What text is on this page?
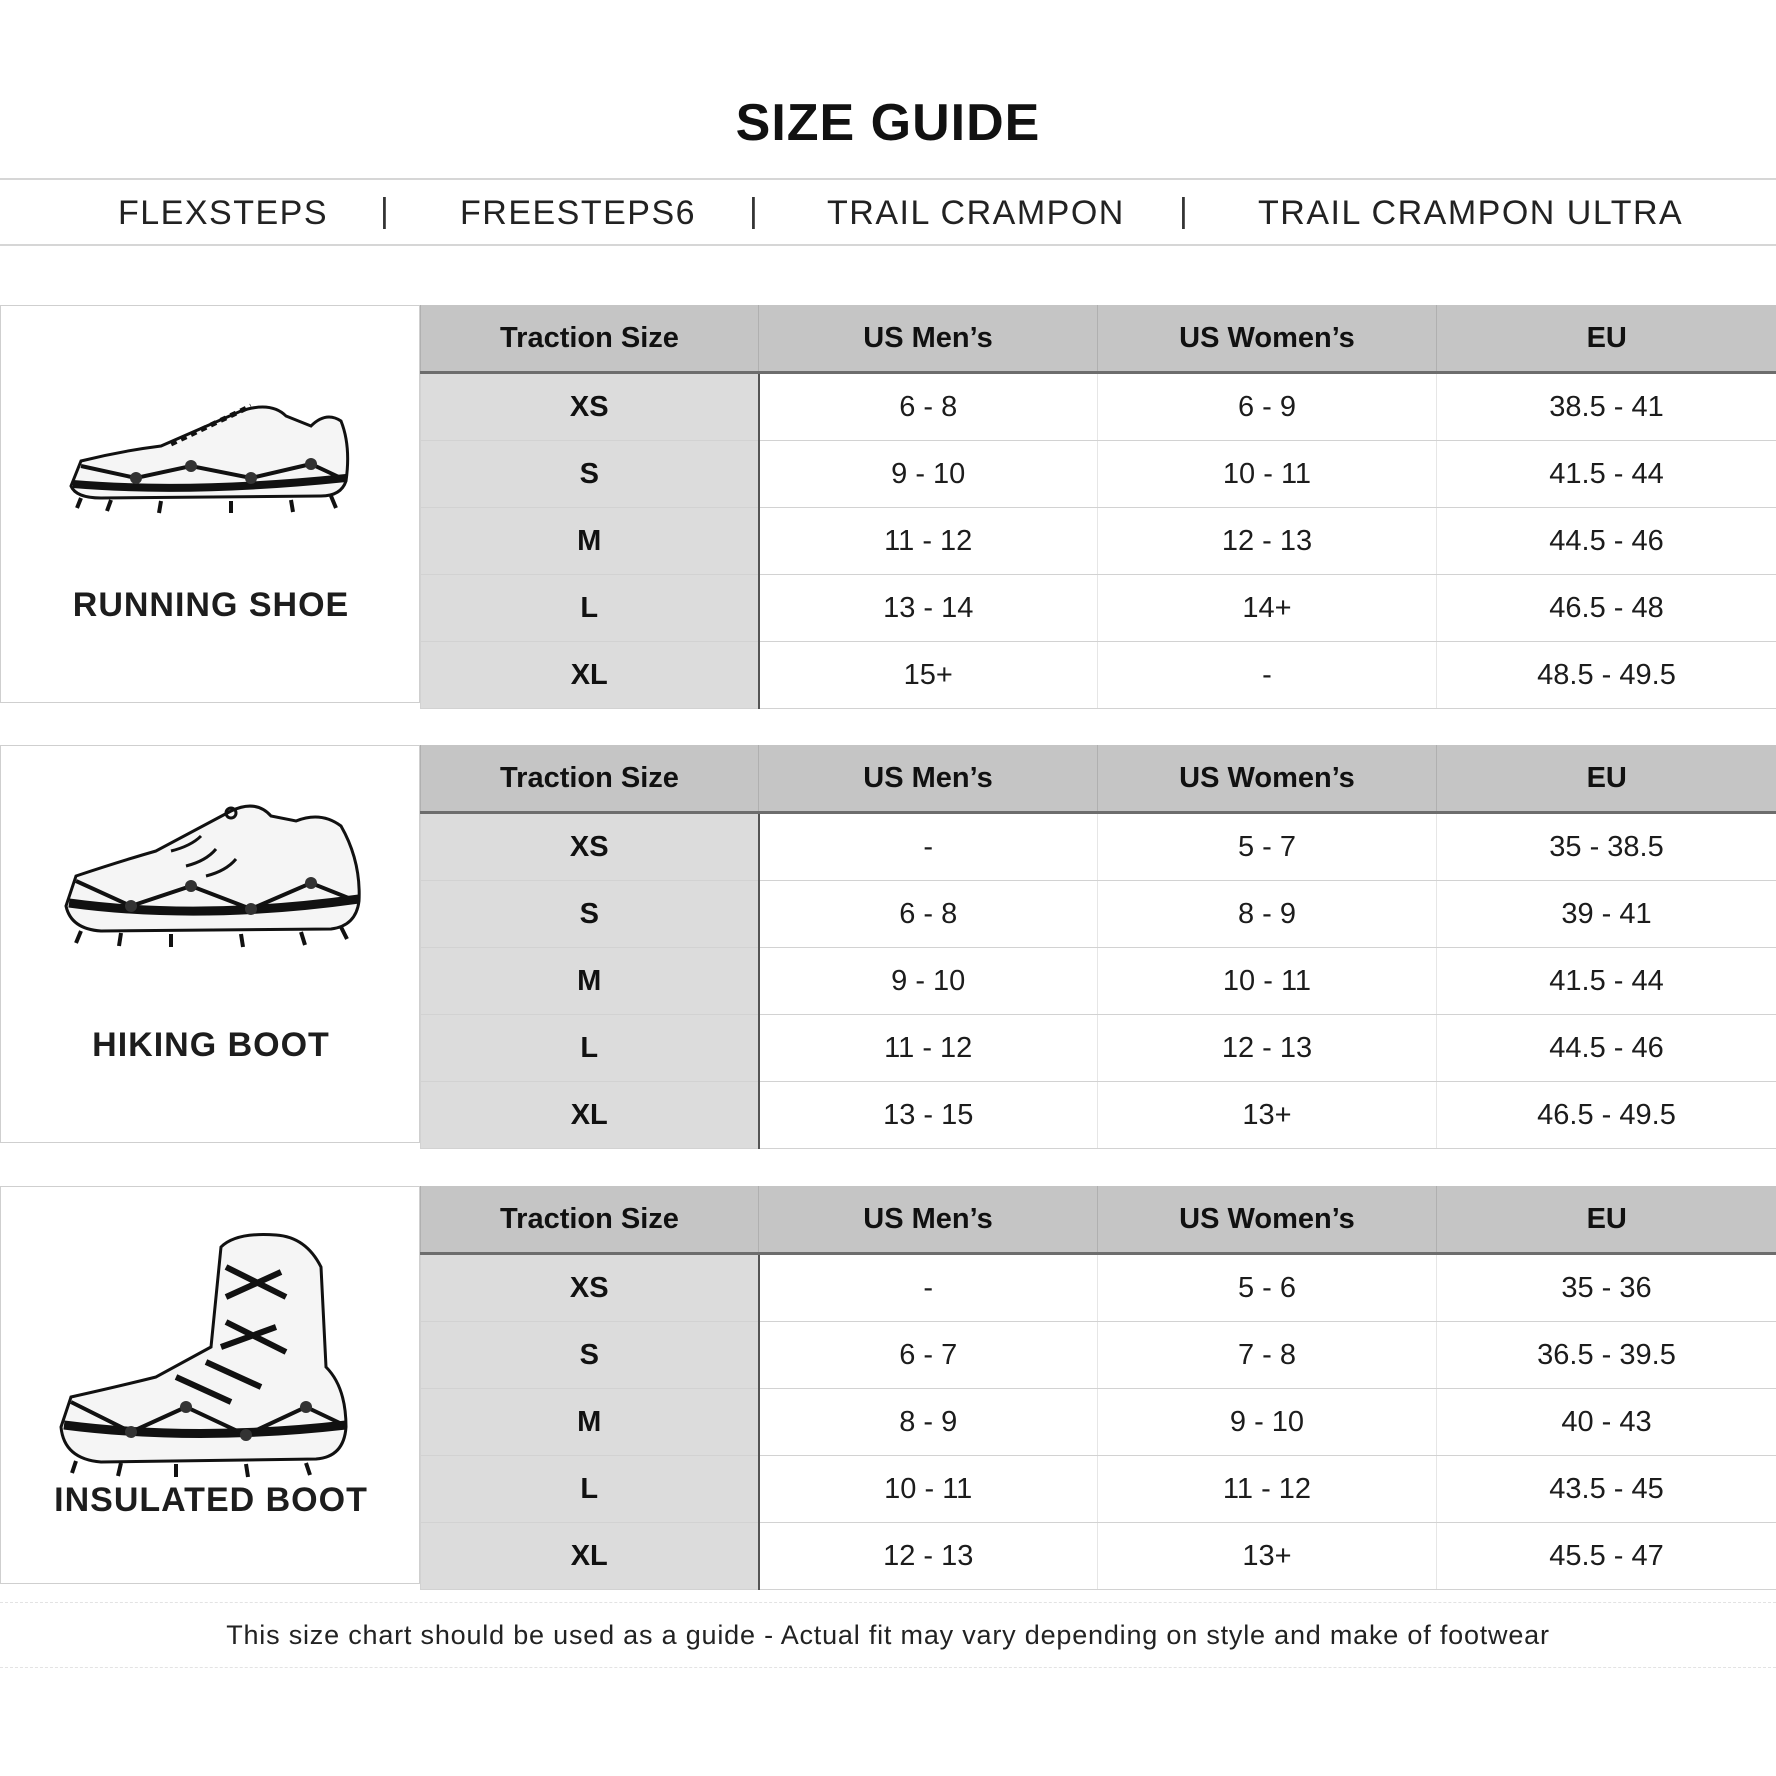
SIZE GUIDE
FLEXSTEPS | FREESTEPS6 | TRAIL CRAMPON | TRAIL CRAMPON ULTRA
RUNNING SHOE
Traction Size	US Men’s	US Women’s	EU
XS	6 - 8	6 - 9	38.5 - 41
S	9 - 10	10 - 11	41.5 - 44
M	11 - 12	12 - 13	44.5 - 46
L	13 - 14	14+	46.5 - 48
XL	15+	-	48.5 - 49.5
HIKING BOOT
Traction Size	US Men’s	US Women’s	EU
XS	-	5 - 7	35 - 38.5
S	6 - 8	8 - 9	39 - 41
M	9 - 10	10 - 11	41.5 - 44
L	11 - 12	12 - 13	44.5 - 46
XL	13 - 15	13+	46.5 - 49.5
INSULATED BOOT
Traction Size	US Men’s	US Women’s	EU
XS	-	5 - 6	35 - 36
S	6 - 7	7 - 8	36.5 - 39.5
M	8 - 9	9 - 10	40 - 43
L	10 - 11	11 - 12	43.5 - 45
XL	12 - 13	13+	45.5 - 47
This size chart should be used as a guide - Actual fit may vary depending on style and make of footwear
